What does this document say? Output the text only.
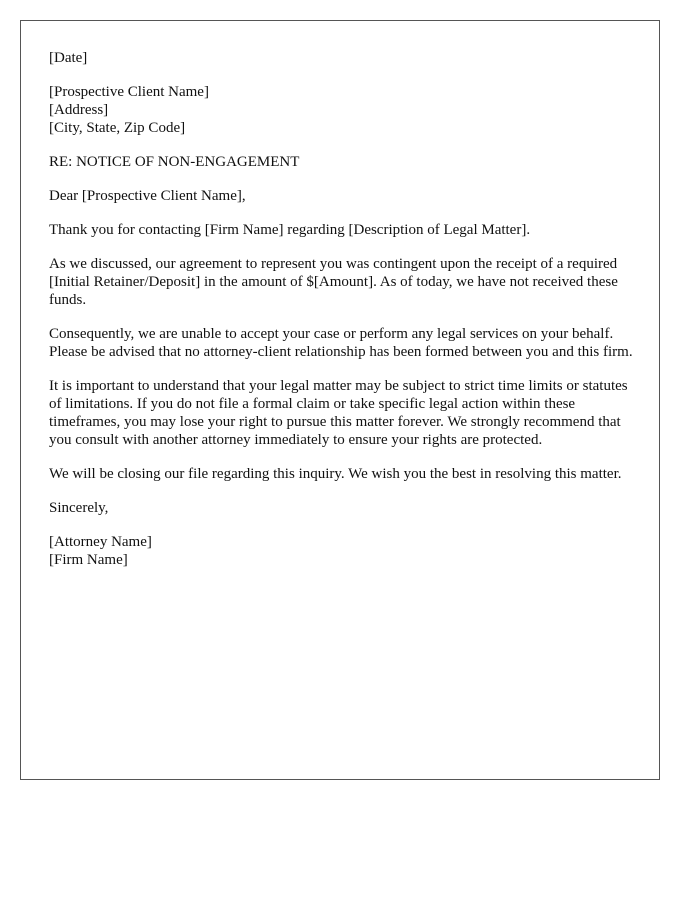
[Date]

[Prospective Client Name]
[Address]
[City, State, Zip Code]

RE: NOTICE OF NON-ENGAGEMENT

Dear [Prospective Client Name],

Thank you for contacting [Firm Name] regarding [Description of Legal Matter].

As we discussed, our agreement to represent you was contingent upon the receipt of a required [Initial Retainer/Deposit] in the amount of $[Amount]. As of today, we have not received these funds.

Consequently, we are unable to accept your case or perform any legal services on your behalf. Please be advised that no attorney-client relationship has been formed between you and this firm.

It is important to understand that your legal matter may be subject to strict time limits or statutes of limitations. If you do not file a formal claim or take specific legal action within these timeframes, you may lose your right to pursue this matter forever. We strongly recommend that you consult with another attorney immediately to ensure your rights are protected.

We will be closing our file regarding this inquiry. We wish you the best in resolving this matter.

Sincerely,

[Attorney Name]
[Firm Name]
